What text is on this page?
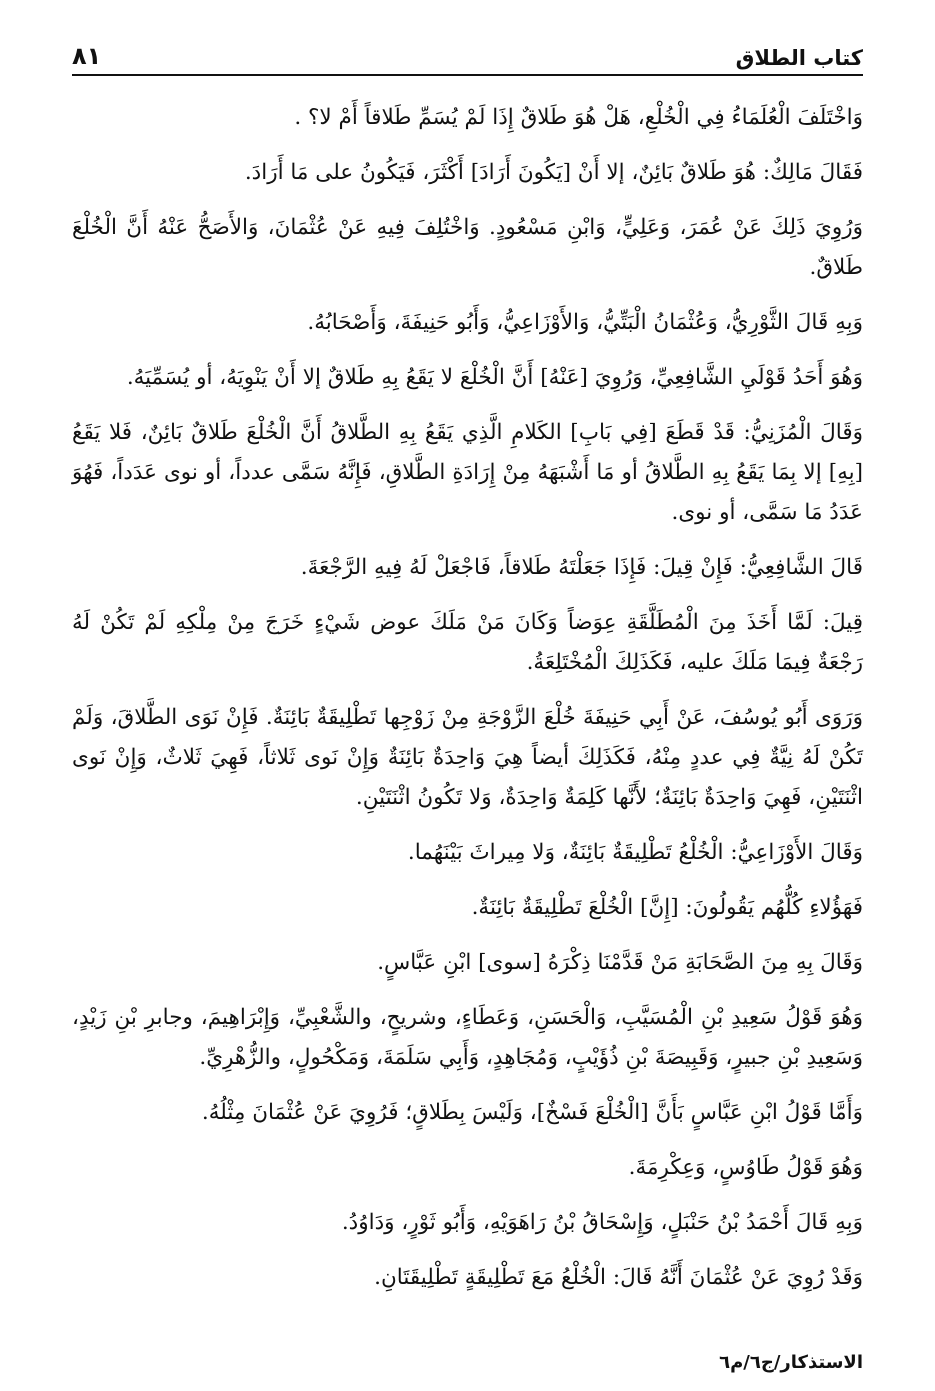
كتاب الطلاق
٨١

وَاخْتَلَفَ الْعُلَمَاءُ فِي الْخُلْعِ، هَلْ هُوَ طَلاقٌ إِذَا لَمْ يُسَمِّ طَلاقاً أَمْ لا؟ .

فَقَالَ مَالِكٌ: هُوَ طَلاقٌ بَائِنٌ، إلا أَنْ [يَكُونَ أَرَادَ] أَكْثَرَ، فَيَكُونُ على مَا أَرَادَ.

وَرُوِيَ ذَلِكَ عَنْ عُمَرَ، وَعَلِيٍّ، وَابْنِ مَسْعُودٍ. وَاخْتُلِفَ فِيهِ عَنْ عُثْمَانَ، وَالأَصَحُّ عَنْهُ أَنَّ الْخُلْعَ طَلاقٌ.

وَبِهِ قَالَ الثَّوْرِيُّ، وَعُثْمَانُ الْبَتِّيُّ، وَالأَوْزَاعِيُّ، وَأَبُو حَنِيفَةَ، وَأَصْحَابُهُ.

وَهُوَ أَحَدُ قَوْلَيِ الشَّافِعِيِّ، وَرُوِيَ [عَنْهُ] أَنَّ الْخُلْعَ لا يَقَعُ بِهِ طَلاقٌ إلا أَنْ يَنْوِيَهُ، أو يُسَمِّيَهُ.

وَقَالَ الْمُزَنِيُّ: قَدْ قَطَعَ [فِي بَابِ] الكَلامِ الَّذِي يَقَعُ بِهِ الطَّلاقُ أَنَّ الْخُلْعَ طَلاقٌ بَائِنٌ، فَلا يَقَعُ [بِهِ] إلا بِمَا يَقَعُ بِهِ الطَّلاقُ أو مَا أَشْبَهَهُ مِنْ إِرَادَةِ الطَّلاقِ، فَإِنَّهُ سَمَّى عدداً، أو نوى عَدَداً، فَهُوَ عَدَدُ مَا سَمَّى، أو نوى.

قَالَ الشَّافِعِيُّ: فَإِنْ قِيلَ: فَإِذَا جَعَلْتَهُ طَلاقاً، فَاجْعَلْ لَهُ فِيهِ الرَّجْعَةَ.

قِيلَ: لَمَّا أَخَذَ مِنَ الْمُطَلَّقَةِ عِوَضاً وَكَانَ مَنْ مَلَكَ عوض شَيْءٍ خَرَجَ مِنْ مِلْكِهِ لَمْ تَكُنْ لَهُ رَجْعَةٌ فِيمَا مَلَكَ عليه، فَكَذَلِكَ الْمُخْتَلِعَةُ.

وَرَوَى أَبُو يُوسُفَ، عَنْ أَبِي حَنِيفَةَ خُلْعَ الزَّوْجَةِ مِنْ زَوْجِها تَطْلِيقَةٌ بَائِنَةٌ. فَإِنْ نَوَى الطَّلاقَ، وَلَمْ تَكُنْ لَهُ نِيَّةٌ فِي عددٍ مِنْهُ، فَكَذَلِكَ أيضاً هِيَ وَاحِدَةٌ بَائِنَةٌ وَإِنْ نَوى ثَلاثاً، فَهِيَ ثَلاثٌ، وَإِنْ نَوى اثْنَتَيْنِ، فَهِيَ وَاحِدَةٌ بَائِنَةٌ؛ لأَنَّها كَلِمَةٌ وَاحِدَةٌ، وَلا تَكُونُ اثْنَتَيْنِ.

وَقَالَ الأَوْزَاعِيُّ: الْخُلْعُ تَطْلِيقَةٌ بَائِنَةٌ، وَلا مِيراثَ بَيْنَهُما.

فَهَؤُلاءِ كُلُّهُم يَقُولُونَ: [إِنَّ] الْخُلْعَ تَطْلِيقَةٌ بَائِنَةٌ.

وَقَالَ بِهِ مِنَ الصَّحَابَةِ مَنْ قَدَّمْنَا ذِكْرَهُ [سوى] ابْنِ عَبَّاسٍ.

وَهُوَ قَوْلُ سَعِيدِ بْنِ الْمُسَيَّبِ، وَالْحَسَنِ، وَعَطَاءٍ، وشريحٍ، والشَّعْبِيِّ، وَإِبْرَاهِيمَ، وجابرِ بْنِ زَيْدٍ، وَسَعِيدِ بْنِ جبيرٍ، وَقَبِيصَةَ بْنِ ذُؤَيْبٍ، وَمُجَاهِدٍ، وَأَبِي سَلَمَةَ، وَمَكْحُولٍ، والزُّهْرِيِّ.

وَأَمَّا قَوْلُ ابْنِ عَبَّاسٍ بَأَنَّ [الْخُلْعَ فَسْخٌ]، وَلَيْسَ بِطَلاقٍ؛ فَرُوِيَ عَنْ عُثْمَانَ مِثْلُهُ.

وَهُوَ قَوْلُ طَاوُسٍ، وَعِكْرِمَةَ.

وَبِهِ قَالَ أَحْمَدُ بْنُ حَنْبَلٍ، وَإِسْحَاقُ بْنُ رَاهَوَيْهِ، وَأَبُو ثَوْرٍ، وَدَاوُدُ.

وَقَدْ رُوِيَ عَنْ عُثْمَانَ أَنَّهُ قَالَ: الْخُلْعُ مَعَ تَطْلِيقَةٍ تَطْلِيقَتَانِ.

الاستذكار/ج٦/م٦
